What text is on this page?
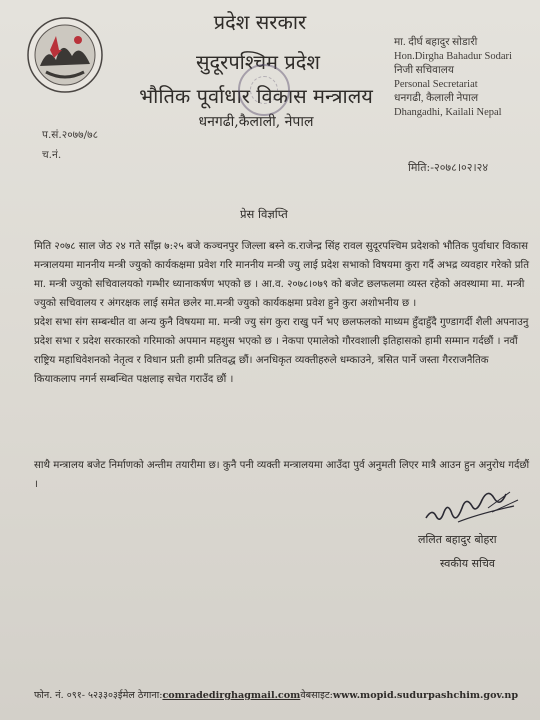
प्रदेश सरकार
सुदूरपश्चिम प्रदेश
भौतिक पूर्वाधार विकास मन्त्रालय
धनगढी,कैलाली, नेपाल
मा. दीर्घ बहादुर सोडारी
Hon.Dirgha Bahadur Sodari
निजी सचिवालय
Personal Secretariat
धनगढी, कैलाली नेपाल
Dhangadhi, Kailali Nepal
प.सं.२०७७/७८
च.नं.
मिति:-२०७८।०२।२४
प्रेस विज्ञप्ति
मिति २०७८ साल जेठ २४ गते साँझ ७:२५ बजे कञ्चनपुर जिल्ला बस्ने क.राजेन्द्र सिंह रावल सुदूरपश्चिम प्रदेशको भौतिक पुर्वाधार विकास मन्त्रालयमा माननीय मन्त्री ज्युको कार्यकक्षमा प्रवेश गरि माननीय मन्त्री ज्यु लाई प्रदेश सभाको विषयमा कुरा गर्दै अभद्र व्यवहार गरेको प्रति मा. मन्त्री ज्युको सचिवालयको गम्भीर ध्यानाकर्षण भएको छ । आ.व. २०७८।०७९ को बजेट छलफलमा व्यस्त रहेको अवस्थामा मा. मन्त्री ज्युको सचिवालय र अंगरक्षक लाई समेत छलेर मा.मन्त्री ज्युको कार्यकक्षमा प्रवेश हुने कुरा अशोभनीय छ ।
प्रदेश सभा संग सम्बन्धीत वा अन्य कुनै विषयमा मा. मन्त्री ज्यु संग कुरा राखु पर्ने भए छलफलको माध्यम हुँदाहुँदै गुण्डागर्दी शैली अपनाउनु प्रदेश सभा र प्रदेश सरकारको गरिमाको अपमान महशुस भएको छ । नेकपा एमालेको गौरवशाली इतिहासको हामी सम्मान गर्दछौं । नवौं राष्ट्रिय महाधिवेशनको नेतृत्व र विधान प्रती हामी प्रतिवद्ध छौं। अनधिकृत व्यक्तीहरुले धम्काउने, त्रसित पार्ने जस्ता गैरराजनैतिक कियाकलाप नगर्न सम्बन्धित पक्षलाइ सचेत गराउँद छौं ।
साथै मन्त्रालय बजेट निर्माणको अन्तीम तयारीमा छ। कुनै पनी व्यक्ती मन्त्रालयमा आउँदा पुर्व अनुमती लिएर मात्रै आउन हुन अनुरोध गर्दछौं ।
ललित बहादुर बोहरा
स्वकीय सचिव
फोन. नं. ०९१- ५२३३०३ईमेल ठेगाना:comradedirghagmail.comवेबसाइट:www.mopid.sudurpashchim.gov.np
